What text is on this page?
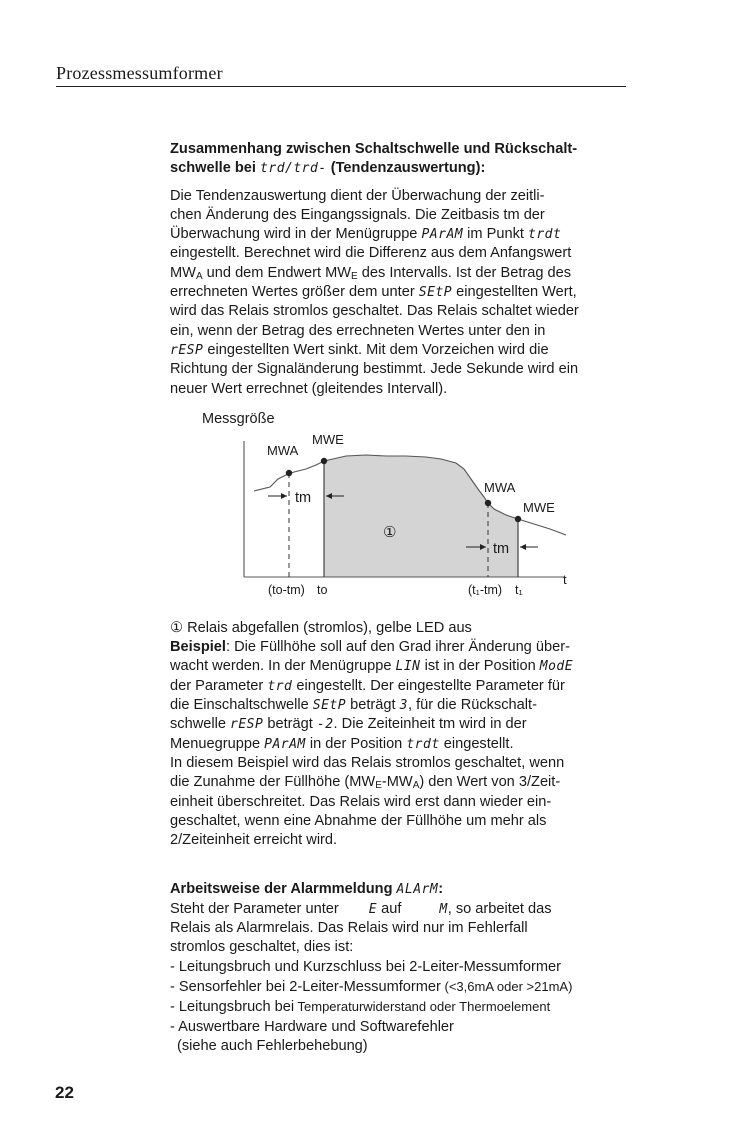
Prozessmessumformer

Zusammenhang zwischen Schaltschwelle und Rückschalt-
schwelle bei trd/trd- (Tendenzauswertung):

Die Tendenzauswertung dient der Überwachung der zeitli-
chen Änderung des Eingangssignals. Die Zeitbasis tm der
Überwachung wird in der Menügruppe PArAM im Punkt trdt
eingestellt. Berechnet wird die Differenz aus dem Anfangswert
$MW_A$ und dem Endwert $MW_E$ des Intervalls. Ist der Betrag des
errechneten Wertes größer dem unter SEtP eingestellten Wert,
wird das Relais stromlos geschaltet. Das Relais schaltet wieder
ein, wenn der Betrag des errechneten Wertes unter den in
rESP eingestellten Wert sinkt. Mit dem Vorzeichen wird die
Richtung der Signaländerung bestimmt. Jede Sekunde wird ein
neuer Wert errechnet (gleitendes Intervall).

Messgröße
MWA
MWE
MWA
MWE
tm
tm
①
(to-tm) to	(t₁-tm) t₁
t

① Relais abgefallen (stromlos), gelbe LED aus

Beispiel: Die Füllhöhe soll auf den Grad ihrer Änderung über-
wacht werden. In der Menügruppe LIN ist in der Position ModE
der Parameter trd eingestellt. Der eingestellte Parameter für
die Einschaltschwelle SEtP beträgt 3, für die Rückschalt-
schwelle rESP beträgt -2. Die Zeiteinheit tm wird in der
Menuegruppe PArAM in der Position trdt eingestellt.
In diesem Beispiel wird das Relais stromlos geschaltet, wenn
die Zunahme der Füllhöhe $(MW_E-MW_A)$ den Wert von 3/Zeit-
einheit überschreitet. Das Relais wird erst dann wieder ein-
geschaltet, wenn eine Abnahme der Füllhöhe um mehr als
2/Zeiteinheit erreicht wird.

Arbeitsweise der Alarmmeldung ALArM:
Steht der Parameter unter E auf	M, so arbeitet das
Relais als Alarmrelais. Das Relais wird nur im Fehlerfall
stromlos geschaltet, dies ist:
- Leitungsbruch und Kurzschluss bei 2-Leiter-Messumformer
- Sensorfehler bei 2-Leiter-Messumformer (<3,6mA oder >21mA)
- Leitungsbruch bei Temperaturwiderstand oder Thermoelement
- Auswertbare Hardware und Softwarefehler
(siehe auch Fehlerbehebung)

22
